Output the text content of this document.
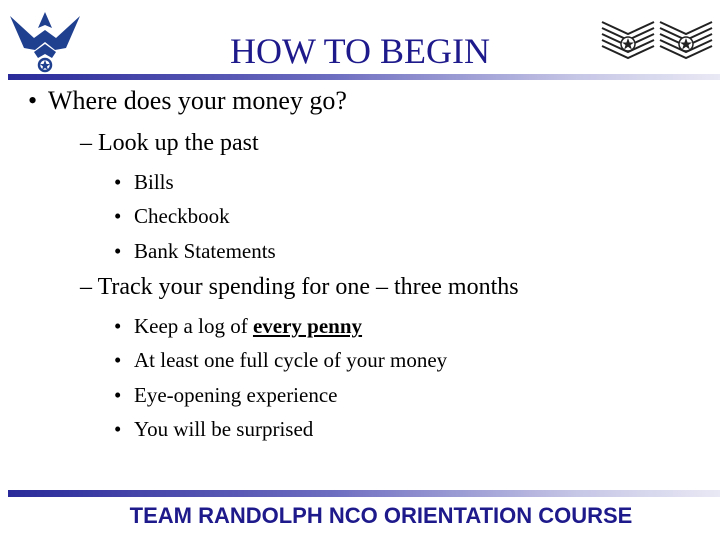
HOW TO BEGIN
• Where does your money go?
– Look up the past
• Bills
• Checkbook
• Bank Statements
– Track your spending for one – three months
• Keep a log of every penny
• At least one full cycle of your money
• Eye-opening experience
• You will be surprised
TEAM RANDOLPH NCO ORIENTATION COURSE
